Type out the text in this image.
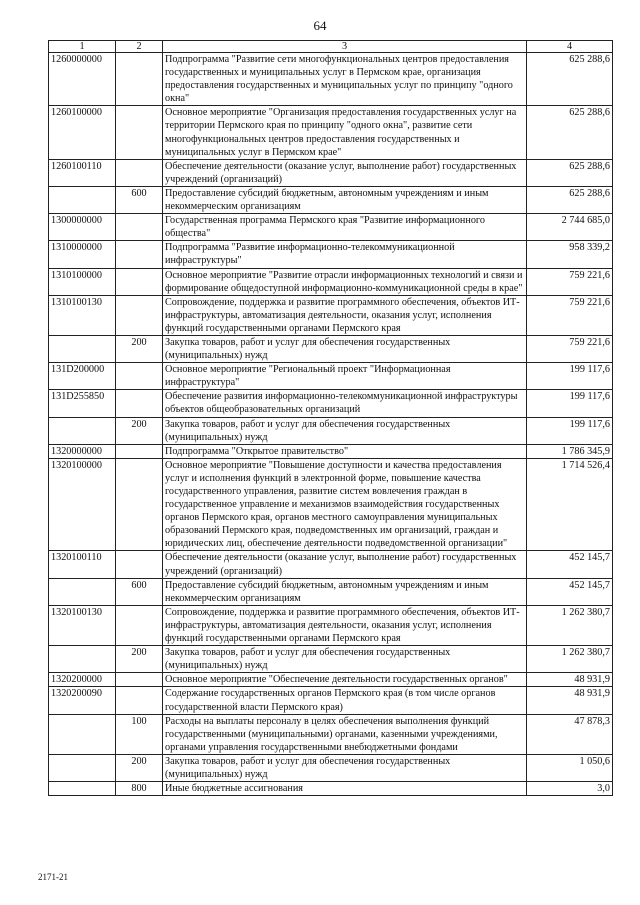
64
1	2	3	4
1260000000		Подпрограмма "Развитие сети многофункциональных центров предоставления государственных и муниципальных услуг в Пермском крае, организация предоставления государственных и муниципальных услуг по принципу "одного окна"	625 288,6
1260100000		Основное мероприятие "Организация предоставления государственных услуг на территории Пермского края по принципу "одного окна", развитие сети многофункциональных центров предоставления государственных и муниципальных услуг в Пермском крае"	625 288,6
1260100110		Обеспечение деятельности (оказание услуг, выполнение работ) государственных учреждений (организаций)	625 288,6
	600	Предоставление субсидий бюджетным, автономным учреждениям и иным некоммерческим организациям	625 288,6
1300000000		Государственная программа Пермского края "Развитие информационного общества"	2 744 685,0
1310000000		Подпрограмма "Развитие информационно-телекоммуникационной инфраструктуры"	958 339,2
1310100000		Основное мероприятие "Развитие отрасли информационных технологий и связи и формирование общедоступной информационно-коммуникационной среды в крае"	759 221,6
1310100130		Сопровождение, поддержка и развитие программного обеспечения, объектов ИТ-инфраструктуры, автоматизация деятельности, оказания услуг, исполнения функций государственными органами Пермского края	759 221,6
	200	Закупка товаров, работ и услуг для обеспечения государственных (муниципальных) нужд	759 221,6
131D200000		Основное мероприятие "Региональный проект "Информационная инфраструктура"	199 117,6
131D255850		Обеспечение развития информационно-телекоммуникационной инфраструктуры объектов общеобразовательных организаций	199 117,6
	200	Закупка товаров, работ и услуг для обеспечения государственных (муниципальных) нужд	199 117,6
1320000000		Подпрограмма "Открытое правительство"	1 786 345,9
1320100000		Основное мероприятие "Повышение доступности и качества предоставления услуг и исполнения функций в электронной форме, повышение качества государственного управления, развитие систем вовлечения граждан в государственное управление и механизмов взаимодействия государственных органов Пермского края, органов местного самоуправления муниципальных образований Пермского края, подведомственных им организаций, граждан и юридических лиц, обеспечение деятельности подведомственной организации"	1 714 526,4
1320100110		Обеспечение деятельности (оказание услуг, выполнение работ) государственных учреждений (организаций)	452 145,7
	600	Предоставление субсидий бюджетным, автономным учреждениям и иным некоммерческим организациям	452 145,7
1320100130		Сопровождение, поддержка и развитие программного обеспечения, объектов ИТ-инфраструктуры, автоматизация деятельности, оказания услуг, исполнения функций государственными органами Пермского края	1 262 380,7
	200	Закупка товаров, работ и услуг для обеспечения государственных (муниципальных) нужд	1 262 380,7
1320200000		Основное мероприятие "Обеспечение деятельности государственных органов"	48 931,9
1320200090		Содержание государственных органов Пермского края (в том числе органов государственной власти Пермского края)	48 931,9
	100	Расходы на выплаты персоналу в целях обеспечения выполнения функций государственными (муниципальными) органами, казенными учреждениями, органами управления государственными внебюджетными фондами	47 878,3
	200	Закупка товаров, работ и услуг для обеспечения государственных (муниципальных) нужд	1 050,6
	800	Иные бюджетные ассигнования	3,0
2171-21
